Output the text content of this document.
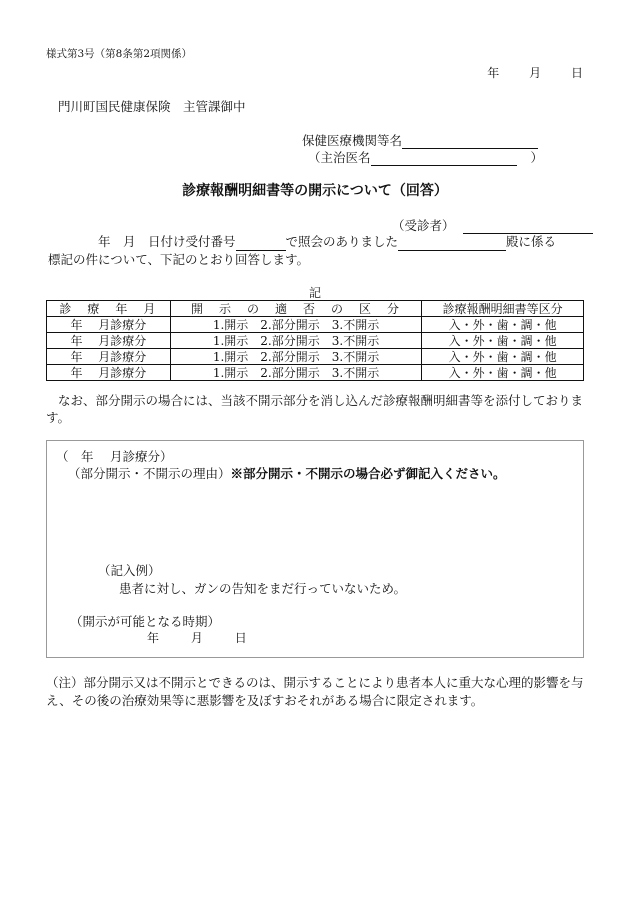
様式第3号（第8条第2項関係）
年 月 日
門川町国民健康保険　主管課御中
保健医療機関等名
（主治医名	）
診療報酬明細書等の開示について（回答）
（受診者）
年　月　日付け受付番号	で照会のありました	殿に係る
標記の件について、下記のとおり回答します。
記
診　療　年　月	開　示　の　適　否　の　区　分	診療報酬明細書等区分
年　 月診療分	1.開示　2.部分開示　3.不開示	入・外・歯・調・他
年　 月診療分	1.開示　2.部分開示　3.不開示	入・外・歯・調・他
年　 月診療分	1.開示　2.部分開示　3.不開示	入・外・歯・調・他
年　 月診療分	1.開示　2.部分開示　3.不開示	入・外・歯・調・他
なお、部分開示の場合には、当該不開示部分を消し込んだ診療報酬明細書等を添付しております。
（　年　 月診療分）
（部分開示・不開示の理由）※部分開示・不開示の場合必ず御記入ください。
（記入例）
患者に対し、ガンの告知をまだ行っていないため。
（開示が可能となる時期）
年	月	日
（注）部分開示又は不開示とできるのは、開示することにより患者本人に重大な心理的影響を与え、その後の治療効果等に悪影響を及ぼすおそれがある場合に限定されます。
